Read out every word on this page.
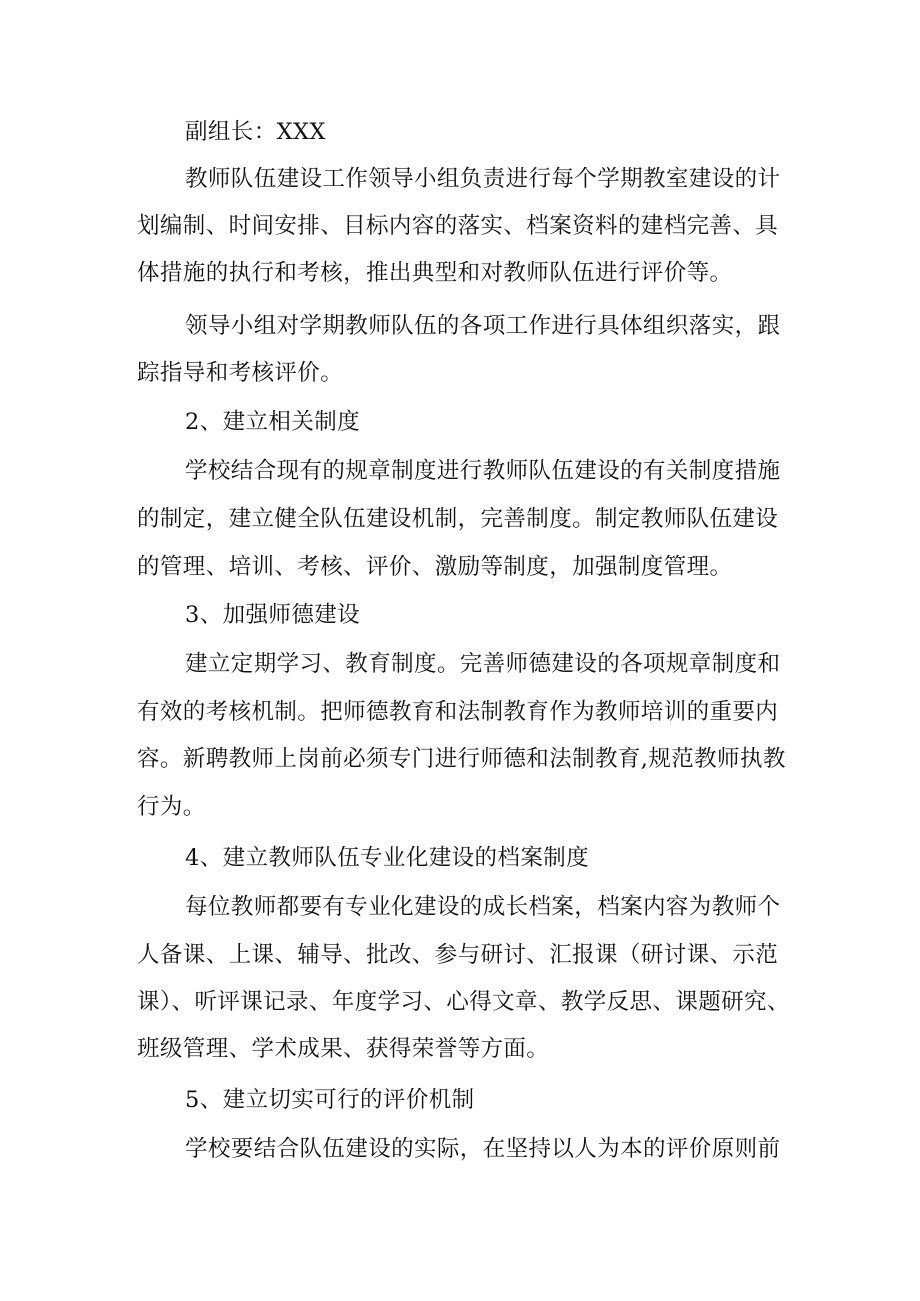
副组长：XXX
教师队伍建设工作领导小组负责进行每个学期教室建设的计
划编制、时间安排、目标内容的落实、档案资料的建档完善、具
体措施的执行和考核，推出典型和对教师队伍进行评价等。
领导小组对学期教师队伍的各项工作进行具体组织落实，跟
踪指导和考核评价。
2、建立相关制度
学校结合现有的规章制度进行教师队伍建设的有关制度措施
的制定，建立健全队伍建设机制，完善制度。制定教师队伍建设
的管理、培训、考核、评价、激励等制度，加强制度管理。
3、加强师德建设
建立定期学习、教育制度。完善师德建设的各项规章制度和
有效的考核机制。把师德教育和法制教育作为教师培训的重要内
容。新聘教师上岗前必须专门进行师德和法制教育,规范教师执教
行为。
4、建立教师队伍专业化建设的档案制度
每位教师都要有专业化建设的成长档案，档案内容为教师个
人备课、上课、辅导、批改、参与研讨、汇报课（研讨课、示范
课）、听评课记录、年度学习、心得文章、教学反思、课题研究、
班级管理、学术成果、获得荣誉等方面。
5、建立切实可行的评价机制
学校要结合队伍建设的实际，在坚持以人为本的评价原则前
